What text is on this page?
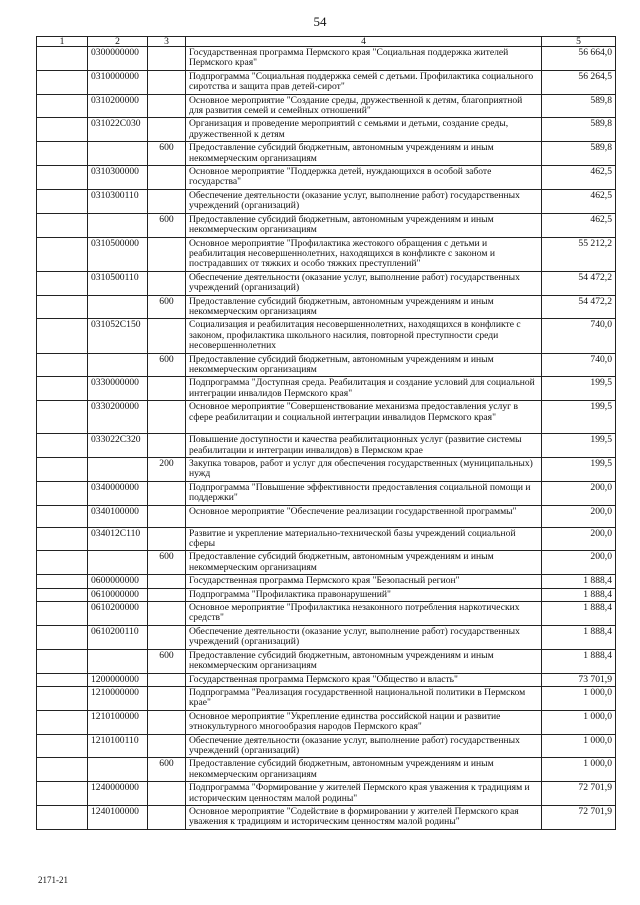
54
1	2	3	4	5
	0300000000		Государственная программа Пермского края "Социальная поддержка жителей Пермского края"	56 664,0
	0310000000		Подпрограмма "Социальная поддержка семей с детьми. Профилактика социального сиротства и защита прав детей-сирот"	56 264,5
	0310200000		Основное мероприятие "Создание среды, дружественной к детям, благоприятной для развития семей и семейных отношений"	589,8
	031022С030		Организация и проведение мероприятий с семьями и детьми, создание среды, дружественной к детям	589,8
		600	Предоставление субсидий бюджетным, автономным учреждениям и иным некоммерческим организациям	589,8
	0310300000		Основное мероприятие "Поддержка детей, нуждающихся в особой заботе государства"	462,5
	0310300110		Обеспечение деятельности (оказание услуг, выполнение работ) государственных учреждений (организаций)	462,5
		600	Предоставление субсидий бюджетным, автономным учреждениям и иным некоммерческим организациям	462,5
	0310500000		Основное мероприятие "Профилактика жестокого обращения с детьми и реабилитация несовершеннолетних, находящихся в конфликте с законом и пострадавших от тяжких и особо тяжких преступлений"	55 212,2
	0310500110		Обеспечение деятельности (оказание услуг, выполнение работ) государственных учреждений (организаций)	54 472,2
		600	Предоставление субсидий бюджетным, автономным учреждениям и иным некоммерческим организациям	54 472,2
	031052С150		Социализация и реабилитация несовершеннолетних, находящихся в конфликте с законом, профилактика школьного насилия, повторной преступности среди несовершеннолетних	740,0
		600	Предоставление субсидий бюджетным, автономным учреждениям и иным некоммерческим организациям	740,0
	0330000000		Подпрограмма "Доступная среда. Реабилитация и создание условий для социальной интеграции инвалидов Пермского края"	199,5
	0330200000		Основное мероприятие "Совершенствование механизма предоставления услуг в сфере реабилитации и социальной интеграции инвалидов Пермского края"	199,5
	033022С320		Повышение доступности и качества реабилитационных услуг (развитие системы реабилитации и интеграции инвалидов) в Пермском крае	199,5
		200	Закупка товаров, работ и услуг для обеспечения государственных (муниципальных) нужд	199,5
	0340000000		Подпрограмма "Повышение эффективности предоставления социальной помощи и поддержки"	200,0
	0340100000		Основное мероприятие "Обеспечение реализации государственной программы"	200,0
	034012С110		Развитие и укрепление материально-технической базы учреждений социальной сферы	200,0
		600	Предоставление субсидий бюджетным, автономным учреждениям и иным некоммерческим организациям	200,0
	0600000000		Государственная программа Пермского края "Безопасный регион"	1 888,4
	0610000000		Подпрограмма "Профилактика правонарушений"	1 888,4
	0610200000		Основное мероприятие "Профилактика незаконного потребления наркотических средств"	1 888,4
	0610200110		Обеспечение деятельности (оказание услуг, выполнение работ) государственных учреждений (организаций)	1 888,4
		600	Предоставление субсидий бюджетным, автономным учреждениям и иным некоммерческим организациям	1 888,4
	1200000000		Государственная программа Пермского края "Общество и власть"	73 701,9
	1210000000		Подпрограмма "Реализация государственной национальной политики в Пермском крае"	1 000,0
	1210100000		Основное мероприятие "Укрепление единства российской нации и развитие этнокультурного многообразия народов Пермского края"	1 000,0
	1210100110		Обеспечение деятельности (оказание услуг, выполнение работ) государственных учреждений (организаций)	1 000,0
		600	Предоставление субсидий бюджетным, автономным учреждениям и иным некоммерческим организациям	1 000,0
	1240000000		Подпрограмма "Формирование у жителей Пермского края уважения к традициям и историческим ценностям малой родины"	72 701,9
	1240100000		Основное мероприятие "Содействие в формировании у жителей Пермского края уважения к традициям и историческим ценностям малой родины"	72 701,9
2171-21
